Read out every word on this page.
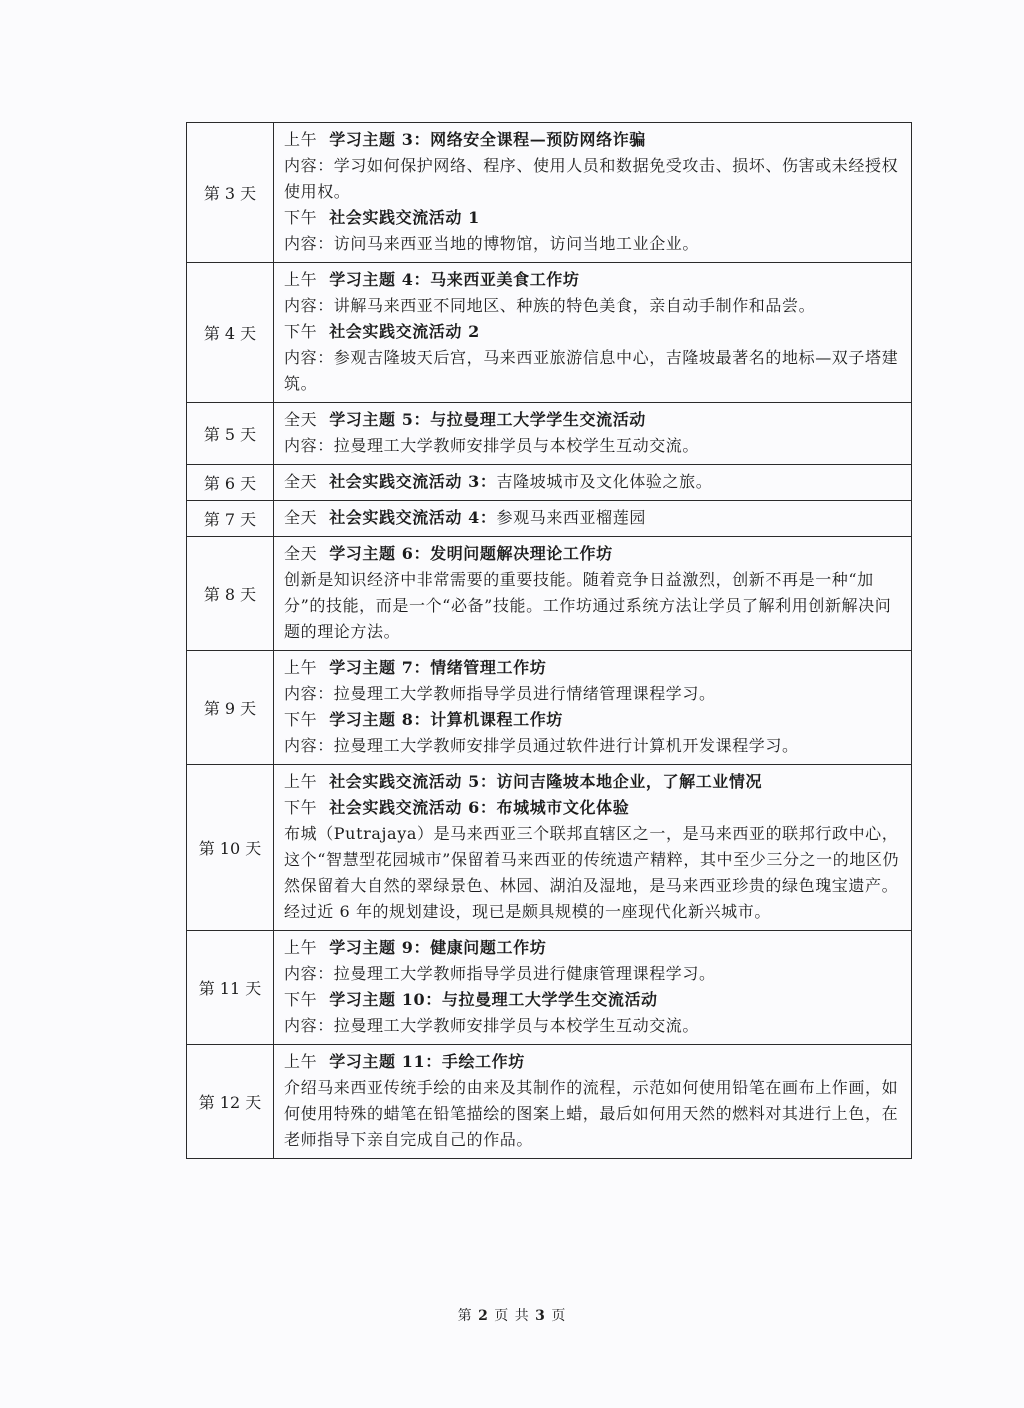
第 3 天	上午 学习主题 3：网络安全课程—预防网络诈骗
内容：学习如何保护网络、程序、使用人员和数据免受攻击、损坏、伤害或未经授权使用权。
下午 社会实践交流活动 1
内容：访问马来西亚当地的博物馆，访问当地工业企业。

第 4 天	上午 学习主题 4：马来西亚美食工作坊
内容：讲解马来西亚不同地区、种族的特色美食，亲自动手制作和品尝。
下午 社会实践交流活动 2
内容：参观吉隆坡天后宫，马来西亚旅游信息中心，吉隆坡最著名的地标—双子塔建筑。

第 5 天	全天 学习主题 5：与拉曼理工大学学生交流活动
内容：拉曼理工大学教师安排学员与本校学生互动交流。

第 6 天	全天 社会实践交流活动 3：吉隆坡城市及文化体验之旅。

第 7 天	全天 社会实践交流活动 4：参观马来西亚榴莲园

第 8 天	全天 学习主题 6：发明问题解决理论工作坊
创新是知识经济中非常需要的重要技能。随着竞争日益激烈，创新不再是一种“加分”的技能，而是一个“必备”技能。工作坊通过系统方法让学员了解利用创新解决问题的理论方法。

第 9 天	上午 学习主题 7：情绪管理工作坊
内容：拉曼理工大学教师指导学员进行情绪管理课程学习。
下午 学习主题 8：计算机课程工作坊
内容：拉曼理工大学教师安排学员通过软件进行计算机开发课程学习。

第 10 天	上午 社会实践交流活动 5：访问吉隆坡本地企业，了解工业情况
下午 社会实践交流活动 6：布城城市文化体验
布城（Putrajaya）是马来西亚三个联邦直辖区之一，是马来西亚的联邦行政中心，这个“智慧型花园城市”保留着马来西亚的传统遗产精粹，其中至少三分之一的地区仍然保留着大自然的翠绿景色、林园、湖泊及湿地，是马来西亚珍贵的绿色瑰宝遗产。经过近 6 年的规划建设，现已是颇具规模的一座现代化新兴城市。

第 11 天	上午 学习主题 9：健康问题工作坊
内容：拉曼理工大学教师指导学员进行健康管理课程学习。
下午 学习主题 10：与拉曼理工大学学生交流活动
内容：拉曼理工大学教师安排学员与本校学生互动交流。

第 12 天	上午 学习主题 11：手绘工作坊
介绍马来西亚传统手绘的由来及其制作的流程，示范如何使用铅笔在画布上作画，如何使用特殊的蜡笔在铅笔描绘的图案上蜡，最后如何用天然的燃料对其进行上色，在老师指导下亲自完成自己的作品。
第 2 页 共 3 页
